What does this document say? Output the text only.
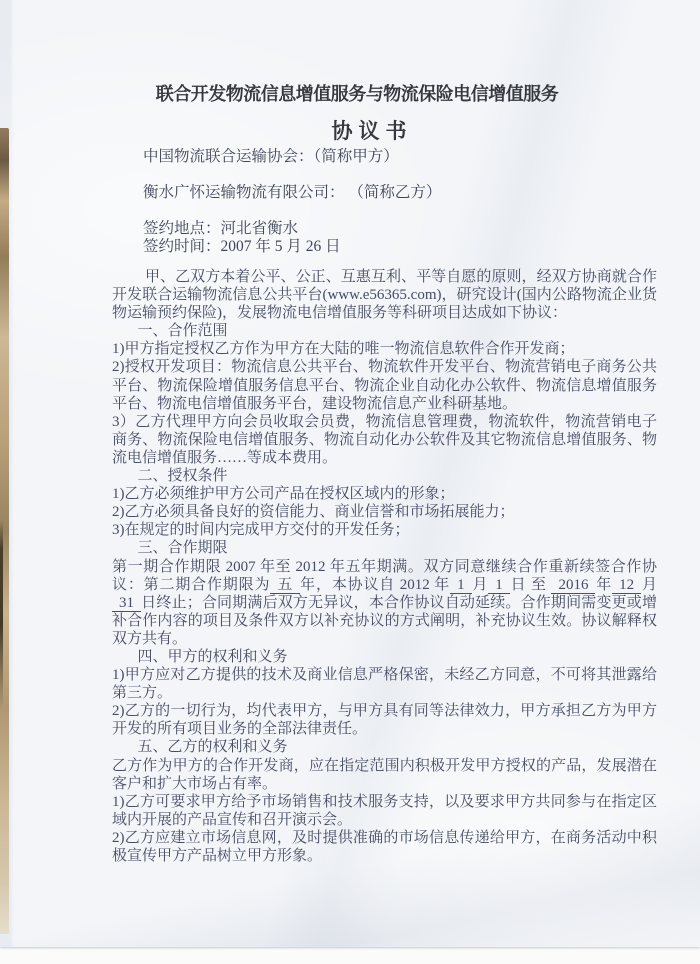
联合开发物流信息增值服务与物流保险电信增值服务
协议书
中国物流联合运输协会：（简称甲方）
衡水广怀运输物流有限公司： （简称乙方）
签约地点：河北省衡水
签约时间：2007 年 5 月 26 日

甲、乙双方本着公平、公正、互惠互利、平等自愿的原则，经双方协商就合作开发联合运输物流信息公共平台(www.e56365.com)，研究设计(国内公路物流企业货物运输预约保险)，发展物流电信增值服务等科研项目达成如下协议：

一、合作范围

1)甲方指定授权乙方作为甲方在大陆的唯一物流信息软件合作开发商；

2)授权开发项目：物流信息公共平台、物流软件开发平台、物流营销电子商务公共平台、物流保险增值服务信息平台、物流企业自动化办公软件、物流信息增值服务平台、物流电信增值服务平台，建设物流信息产业科研基地。

3）乙方代理甲方向会员收取会员费，物流信息管理费，物流软件，物流营销电子商务、物流保险电信增值服务、物流自动化办公软件及其它物流信息增值服务、物流电信增值服务……等成本费用。

二、授权条件

1)乙方必须维护甲方公司产品在授权区域内的形象；

2)乙方必须具备良好的资信能力、商业信誉和市场拓展能力；

3)在规定的时间内完成甲方交付的开发任务；

三、合作期限

第一期合作期限 2007 年至 2012 年五年期满。双方同意继续合作重新续签合作协议：第二期合作期限为 五 年，本协议自 2012 年 1 月 1 日 至 2016 年 12 月31 日终止；合同期满后双方无异议，本合作协议自动延续。合作期间需变更或增补合作内容的项目及条件双方以补充协议的方式阐明，补充协议生效。协议解释权双方共有。

四、甲方的权利和义务

1)甲方应对乙方提供的技术及商业信息严格保密，未经乙方同意，不可将其泄露给第三方。

2)乙方的一切行为，均代表甲方，与甲方具有同等法律效力，甲方承担乙方为甲方开发的所有项目业务的全部法律责任。

五、乙方的权利和义务

乙方作为甲方的合作开发商，应在指定范围内积极开发甲方授权的产品，发展潜在客户和扩大市场占有率。

1)乙方可要求甲方给予市场销售和技术服务支持，以及要求甲方共同参与在指定区域内开展的产品宣传和召开演示会。

2)乙方应建立市场信息网，及时提供准确的市场信息传递给甲方，在商务活动中积极宣传甲方产品树立甲方形象。
